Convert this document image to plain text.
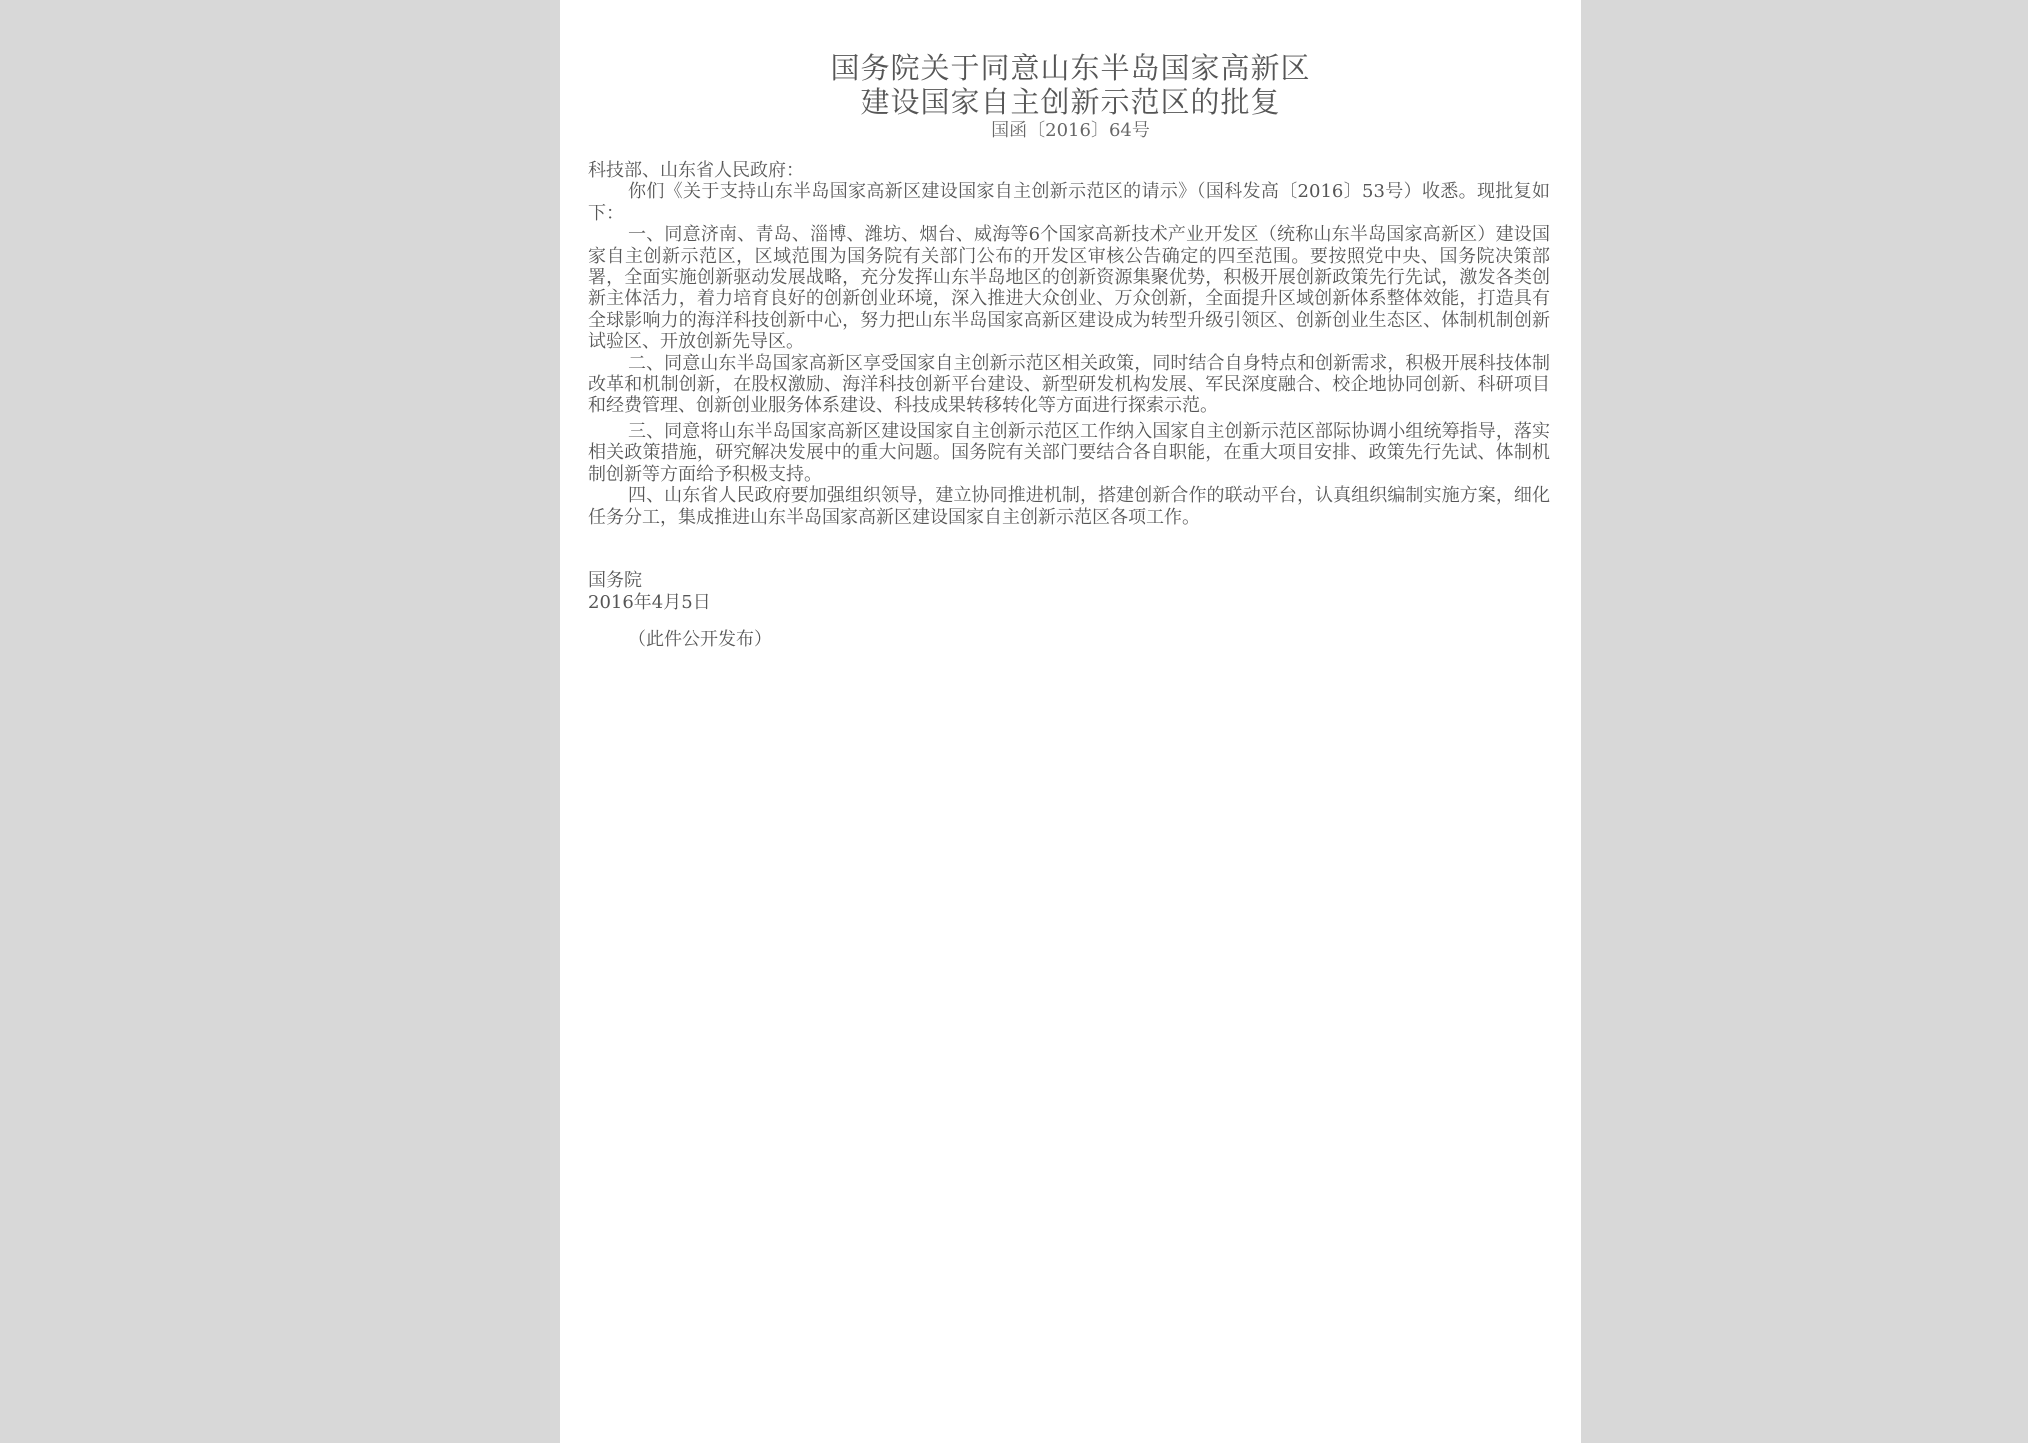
国务院关于同意山东半岛国家高新区
建设国家自主创新示范区的批复
国函〔2016〕64号

科技部、山东省人民政府：

你们《关于支持山东半岛国家高新区建设国家自主创新示范区的请示》（国科发高〔2016〕53号）收悉。现批复如下：

一、同意济南、青岛、淄博、潍坊、烟台、威海等6个国家高新技术产业开发区（统称山东半岛国家高新区）建设国家自主创新示范区，区域范围为国务院有关部门公布的开发区审核公告确定的四至范围。要按照党中央、国务院决策部署，全面实施创新驱动发展战略，充分发挥山东半岛地区的创新资源集聚优势，积极开展创新政策先行先试，激发各类创新主体活力，着力培育良好的创新创业环境，深入推进大众创业、万众创新，全面提升区域创新体系整体效能，打造具有全球影响力的海洋科技创新中心，努力把山东半岛国家高新区建设成为转型升级引领区、创新创业生态区、体制机制创新试验区、开放创新先导区。

二、同意山东半岛国家高新区享受国家自主创新示范区相关政策，同时结合自身特点和创新需求，积极开展科技体制改革和机制创新，在股权激励、海洋科技创新平台建设、新型研发机构发展、军民深度融合、校企地协同创新、科研项目和经费管理、创新创业服务体系建设、科技成果转移转化等方面进行探索示范。

三、同意将山东半岛国家高新区建设国家自主创新示范区工作纳入国家自主创新示范区部际协调小组统筹指导，落实相关政策措施，研究解决发展中的重大问题。国务院有关部门要结合各自职能，在重大项目安排、政策先行先试、体制机制创新等方面给予积极支持。

四、山东省人民政府要加强组织领导，建立协同推进机制，搭建创新合作的联动平台，认真组织编制实施方案，细化任务分工，集成推进山东半岛国家高新区建设国家自主创新示范区各项工作。

国务院
2016年4月5日
（此件公开发布）
